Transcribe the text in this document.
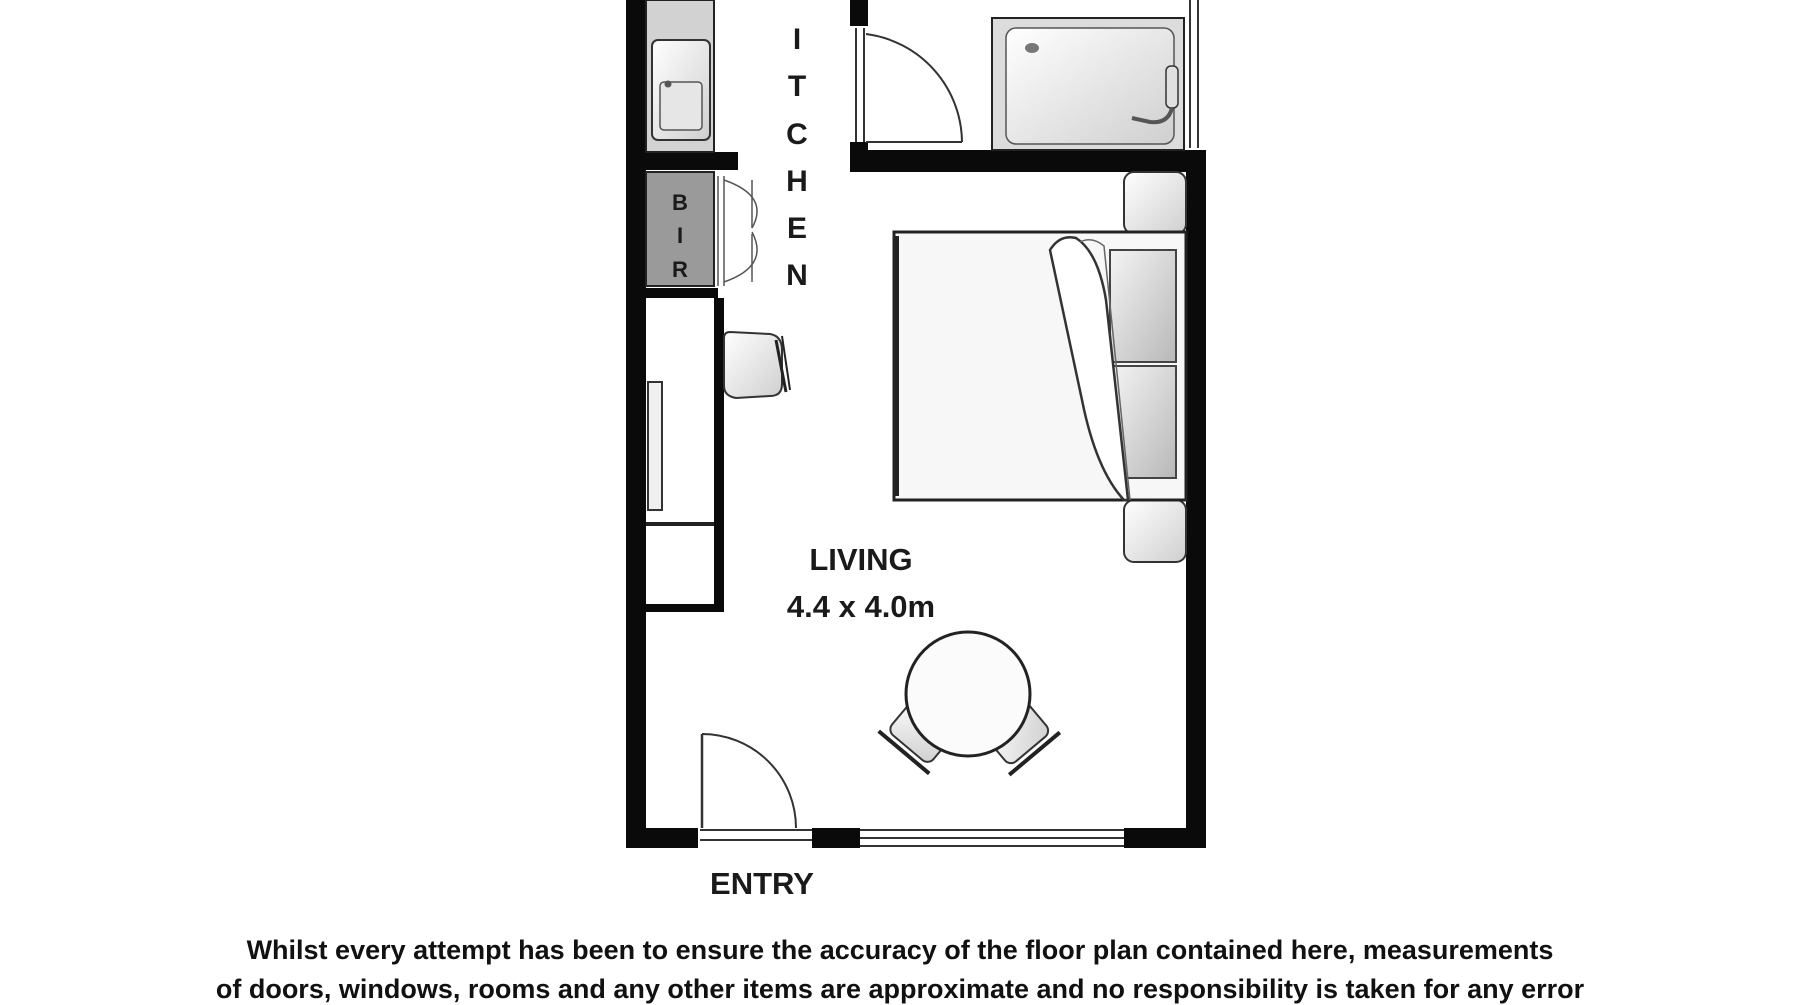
I
T
C
H
E
N
B
I
R
LIVING
4.4 x 4.0m
ENTRY
Whilst every attempt has been to ensure the accuracy of the floor plan contained here, measurements
of doors, windows, rooms and any other items are approximate and no responsibility is taken for any error
